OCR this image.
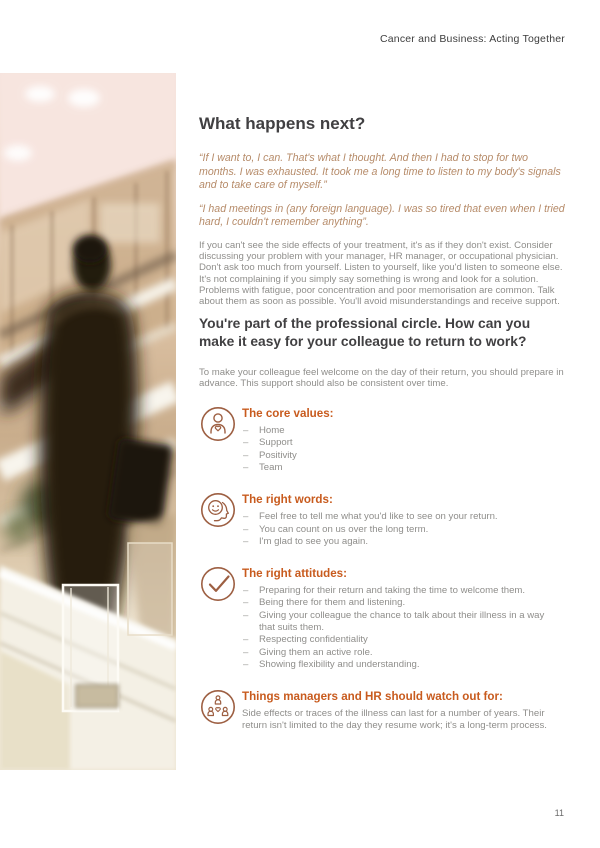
Cancer and Business: Acting Together
What happens next?

“If I want to, I can. That's what I thought. And then I had to stop for two months. I was exhausted. It took me a long time to listen to my body's signals and to take care of myself.”

“I had meetings in (any foreign language). I was so tired that even when I tried hard, I couldn't remember anything”.

If you can't see the side effects of your treatment, it's as if they don't exist. Consider discussing your problem with your manager, HR manager, or occupational physician. Don't ask too much from yourself. Listen to yourself, like you'd listen to someone else. It's not complaining if you simply say something is wrong and look for a solution. Problems with fatigue, poor concentration and poor memorisation are common. Talk about them as soon as possible. You'll avoid misunderstandings and receive support.

You're part of the professional circle. How can you make it easy for your colleague to return to work?

To make your colleague feel welcome on the day of their return, you should prepare in advance. This support should also be consistent over time.

The core values:
– Home
– Support
– Positivity
– Team
The right words:
– Feel free to tell me what you'd like to see on your return.
– You can count on us over the long term.
– I'm glad to see you again.
The right attitudes:
– Preparing for their return and taking the time to welcome them.
– Being there for them and listening.
– Giving your colleague the chance to talk about their illness in a way that suits them.
– Respecting confidentiality
– Giving them an active role.
– Showing flexibility and understanding.
Things managers and HR should watch out for:

Side effects or traces of the illness can last for a number of years. Their return isn't limited to the day they resume work; it's a long-term process.

11
